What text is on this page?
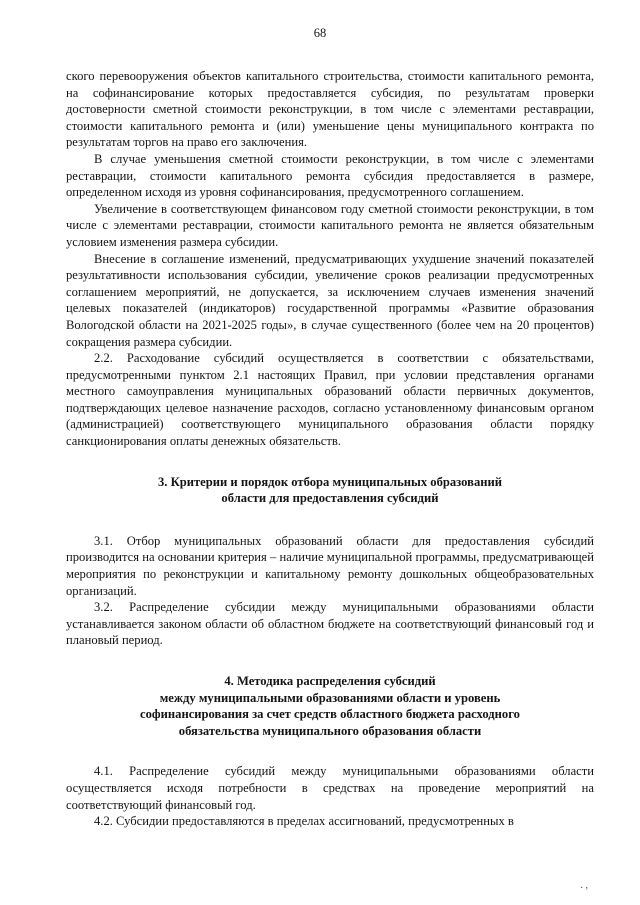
68

ского перевооружения объектов капитального строительства, стоимости капитального ремонта, на софинансирование которых предоставляется субсидия, по результатам проверки достоверности сметной стоимости реконструкции, в том числе с элементами реставрации, стоимости капитального ремонта и (или) уменьшение цены муниципального контракта по результатам торгов на право его заключения.

В случае уменьшения сметной стоимости реконструкции, в том числе с элементами реставрации, стоимости капитального ремонта субсидия предоставляется в размере, определенном исходя из уровня софинансирования, предусмотренного соглашением.

Увеличение в соответствующем финансовом году сметной стоимости реконструкции, в том числе с элементами реставрации, стоимости капитального ремонта не является обязательным условием изменения размера субсидии.

Внесение в соглашение изменений, предусматривающих ухудшение значений показателей результативности использования субсидии, увеличение сроков реализации предусмотренных соглашением мероприятий, не допускается, за исключением случаев изменения значений целевых показателей (индикаторов) государственной программы «Развитие образования Вологодской области на 2021-2025 годы», в случае существенного (более чем на 20 процентов) сокращения размера субсидии.

2.2. Расходование субсидий осуществляется в соответствии с обязательствами, предусмотренными пунктом 2.1 настоящих Правил, при условии представления органами местного самоуправления муниципальных образований области первичных документов, подтверждающих целевое назначение расходов, согласно установленному финансовым органом (администрацией) соответствующего муниципального образования области порядку санкционирования оплаты денежных обязательств.

3. Критерии и порядок отбора муниципальных образований
области для предоставления субсидий

3.1. Отбор муниципальных образований области для предоставления субсидий производится на основании критерия – наличие муниципальной программы, предусматривающей мероприятия по реконструкции и капитальному ремонту дошкольных общеобразовательных организаций.

3.2. Распределение субсидии между муниципальными образованиями области устанавливается законом области об областном бюджете на соответствующий финансовый год и плановый период.

4. Методика распределения субсидий
между муниципальными образованиями области и уровень
софинансирования за счет средств областного бюджета расходного
обязательства муниципального образования области

4.1. Распределение субсидий между муниципальными образованиями области осуществляется исходя потребности в средствах на проведение мероприятий на соответствующий финансовый год.

4.2. Субсидии предоставляются в пределах ассигнований, предусмотренных в

. ,
